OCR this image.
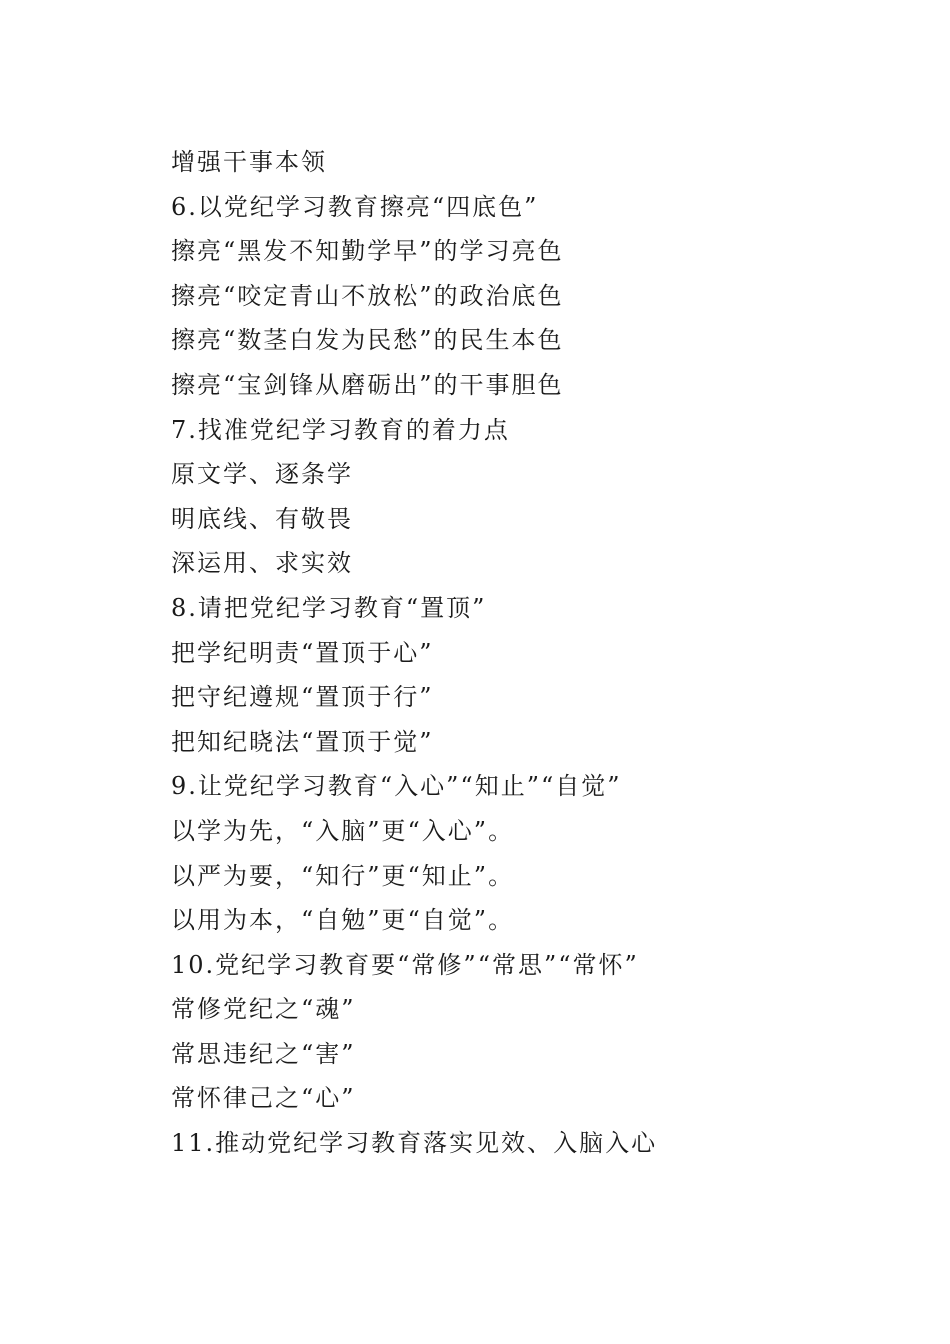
增强干事本领
6.以党纪学习教育擦亮“四底色”
擦亮“黑发不知勤学早”的学习亮色
擦亮“咬定青山不放松”的政治底色
擦亮“数茎白发为民愁”的民生本色
擦亮“宝剑锋从磨砺出”的干事胆色
7.找准党纪学习教育的着力点
原文学、逐条学
明底线、有敬畏
深运用、求实效
8.请把党纪学习教育“置顶”
把学纪明责“置顶于心”
把守纪遵规“置顶于行”
把知纪晓法“置顶于觉”
9.让党纪学习教育“入心”“知止”“自觉”
以学为先，“入脑”更“入心”。
以严为要，“知行”更“知止”。
以用为本，“自勉”更“自觉”。
10.党纪学习教育要“常修”“常思”“常怀”
常修党纪之“魂”
常思违纪之“害”
常怀律己之“心”
11.推动党纪学习教育落实见效、入脑入心
